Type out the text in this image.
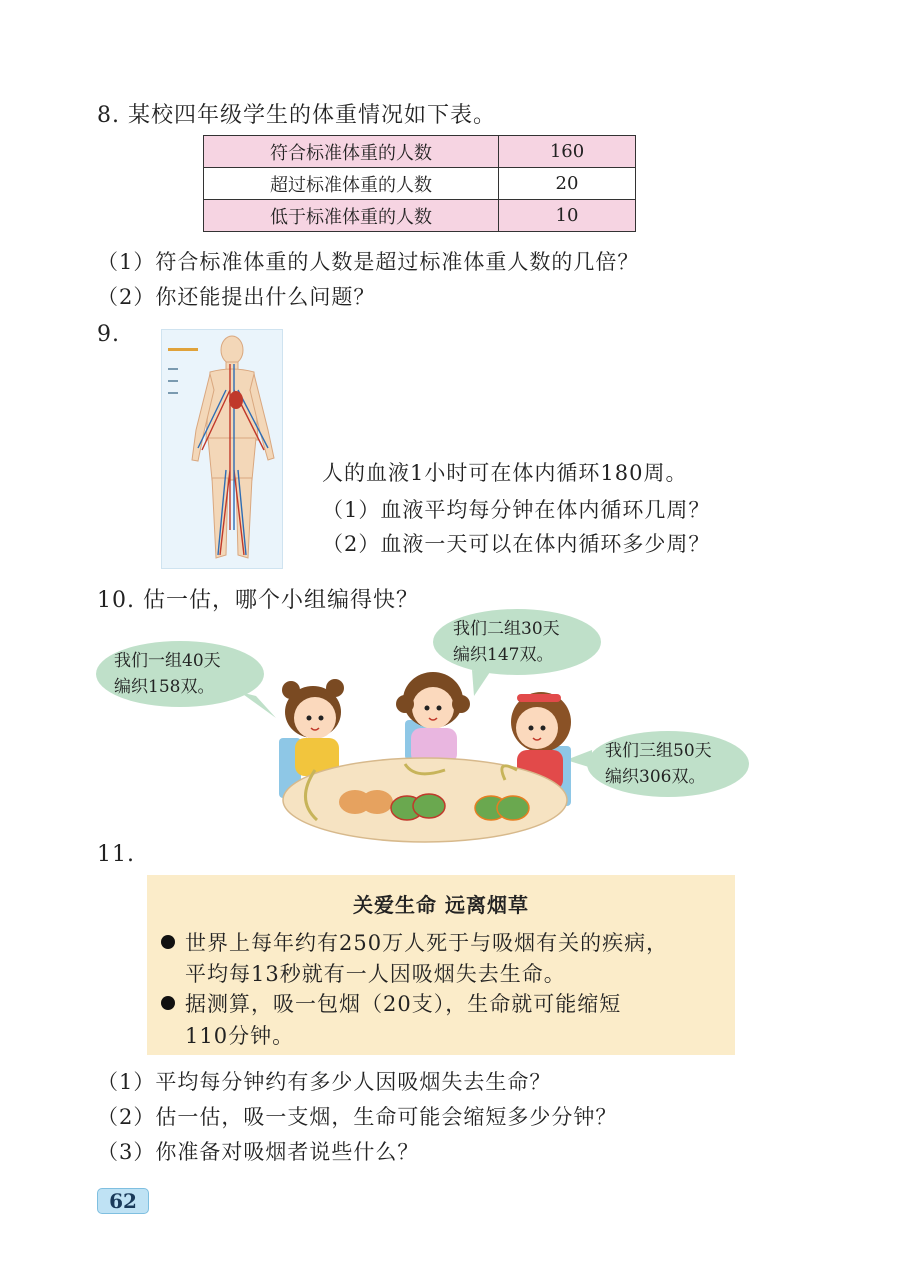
8. 某校四年级学生的体重情况如下表。
符合标准体重的人数	160
超过标准体重的人数	20
低于标准体重的人数	10
（1）符合标准体重的人数是超过标准体重人数的几倍？
（2）你还能提出什么问题？
9.
人的血液1小时可在体内循环180周。
（1）血液平均每分钟在体内循环几周？
（2）血液一天可以在体内循环多少周？
10. 估一估，哪个小组编得快？
我们一组40天
编织158双。
我们二组30天
编织147双。
我们三组50天
编织306双。
11.
关爱生命 远离烟草
世界上每年约有250万人死于与吸烟有关的疾病，
平均每13秒就有一人因吸烟失去生命。
据测算，吸一包烟（20支），生命就可能缩短
110分钟。
（1）平均每分钟约有多少人因吸烟失去生命？
（2）估一估，吸一支烟，生命可能会缩短多少分钟？
（3）你准备对吸烟者说些什么？
62
